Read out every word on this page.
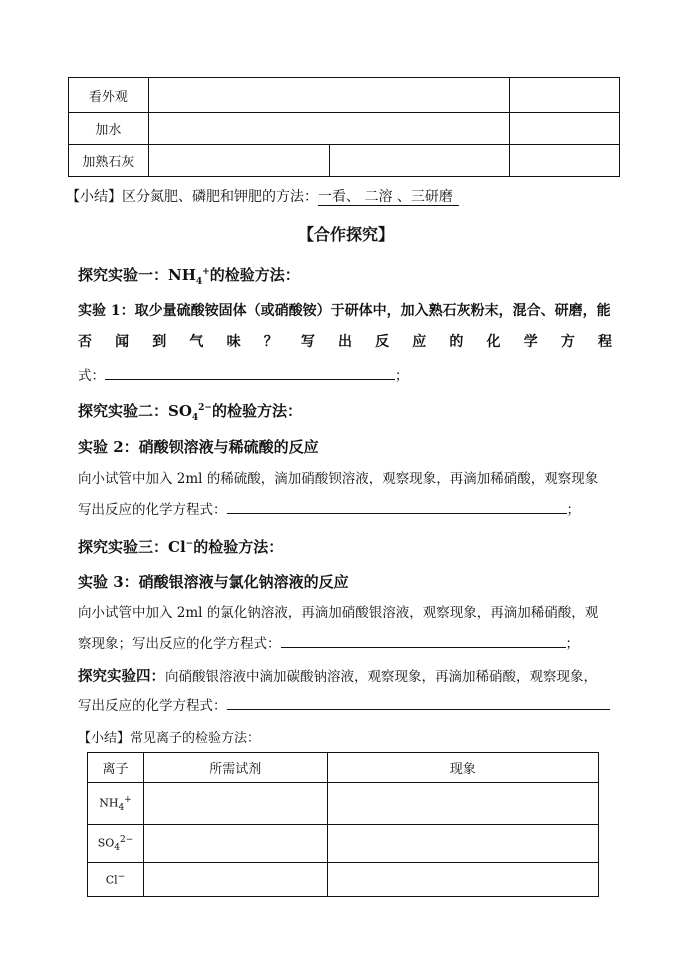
看外观			
加水			
加熟石灰			
【小结】区分氮肥、磷肥和钾肥的方法：一看、 二溶 、三研磨
【合作探究】
探究实验一：$NH_4^+$的检验方法：
实验 1：取少量硫酸铵固体（或硝酸铵）于研体中，加入熟石灰粉末，混合、研磨，能
否 闻 到 气 味 ？ 写 出 反 应 的 化 学 方 程
式：	；
探究实验二：$SO_4^{2-}$的检验方法：
实验 2：硝酸钡溶液与稀硫酸的反应
向小试管中加入 2ml 的稀硫酸，滴加硝酸钡溶液，观察现象，再滴加稀硝酸，观察现象
写出反应的化学方程式：	；
探究实验三：Cl−的检验方法：
实验 3：硝酸银溶液与氯化钠溶液的反应
向小试管中加入 2ml 的氯化钠溶液，再滴加硝酸银溶液，观察现象，再滴加稀硝酸，观
察现象；写出反应的化学方程式：	；
探究实验四：向硝酸银溶液中滴加碳酸钠溶液，观察现象，再滴加稀硝酸，观察现象，
写出反应的化学方程式：
【小结】常见离子的检验方法：
离子	所需试剂	现象
$NH_4^+$		
$SO_4^{2-}$		
Cl−		
